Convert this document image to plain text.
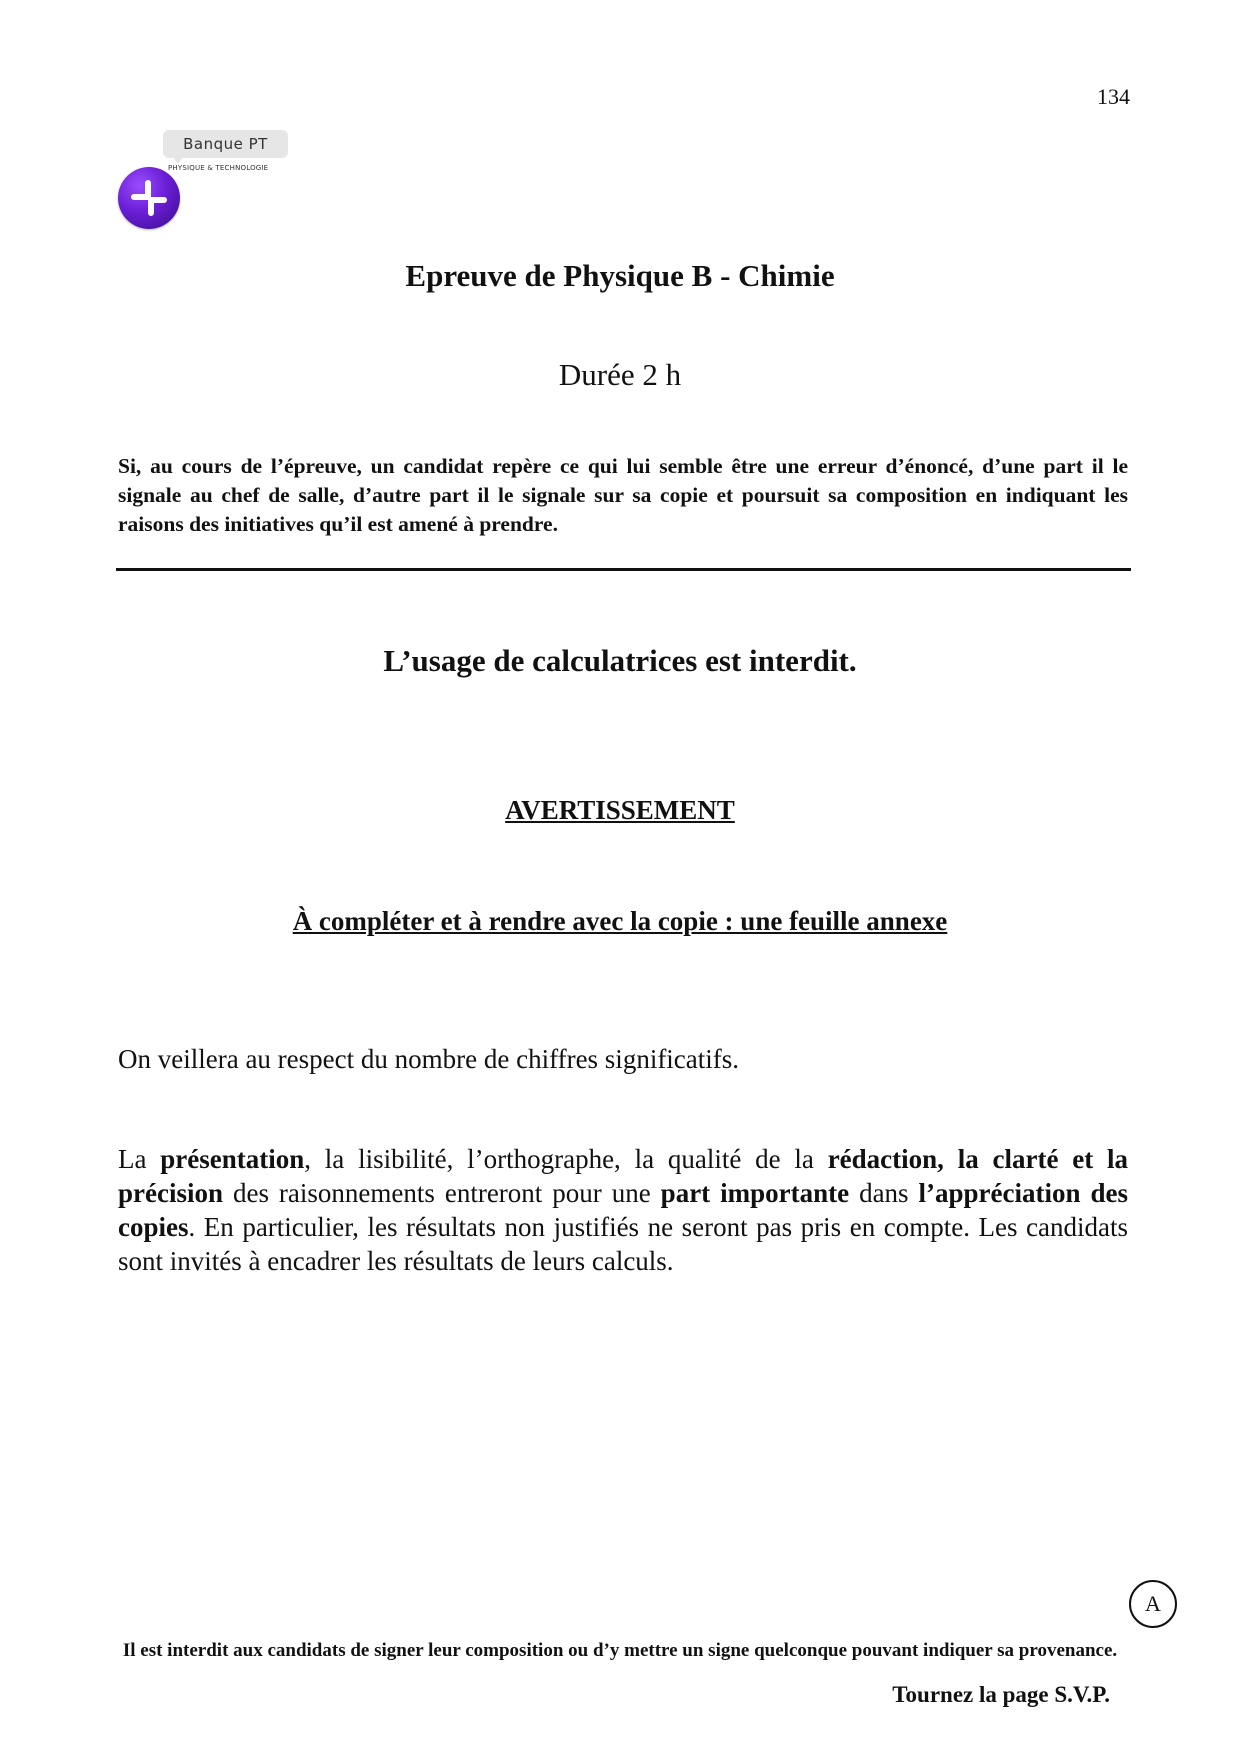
134
Banque PT
PHYSIQUE & TECHNOLOGIE
Epreuve de Physique B - Chimie
Durée 2 h
Si, au cours de l’épreuve, un candidat repère ce qui lui semble être une erreur d’énoncé, d’une part il le signale au chef de salle, d’autre part il le signale sur sa copie et poursuit sa composition en indiquant les raisons des initiatives qu’il est amené à prendre.
L’usage de calculatrices est interdit.
AVERTISSEMENT
À compléter et à rendre avec la copie : une feuille annexe
On veillera au respect du nombre de chiffres significatifs.
La présentation, la lisibilité, l’orthographe, la qualité de la rédaction, la clarté et la précision des raisonnements entreront pour une part importante dans l’appréciation des copies. En particulier, les résultats non justifiés ne seront pas pris en compte. Les candidats sont invités à encadrer les résultats de leurs calculs.
A
Il est interdit aux candidats de signer leur composition ou d’y mettre un signe quelconque pouvant indiquer sa provenance.
Tournez la page S.V.P.
